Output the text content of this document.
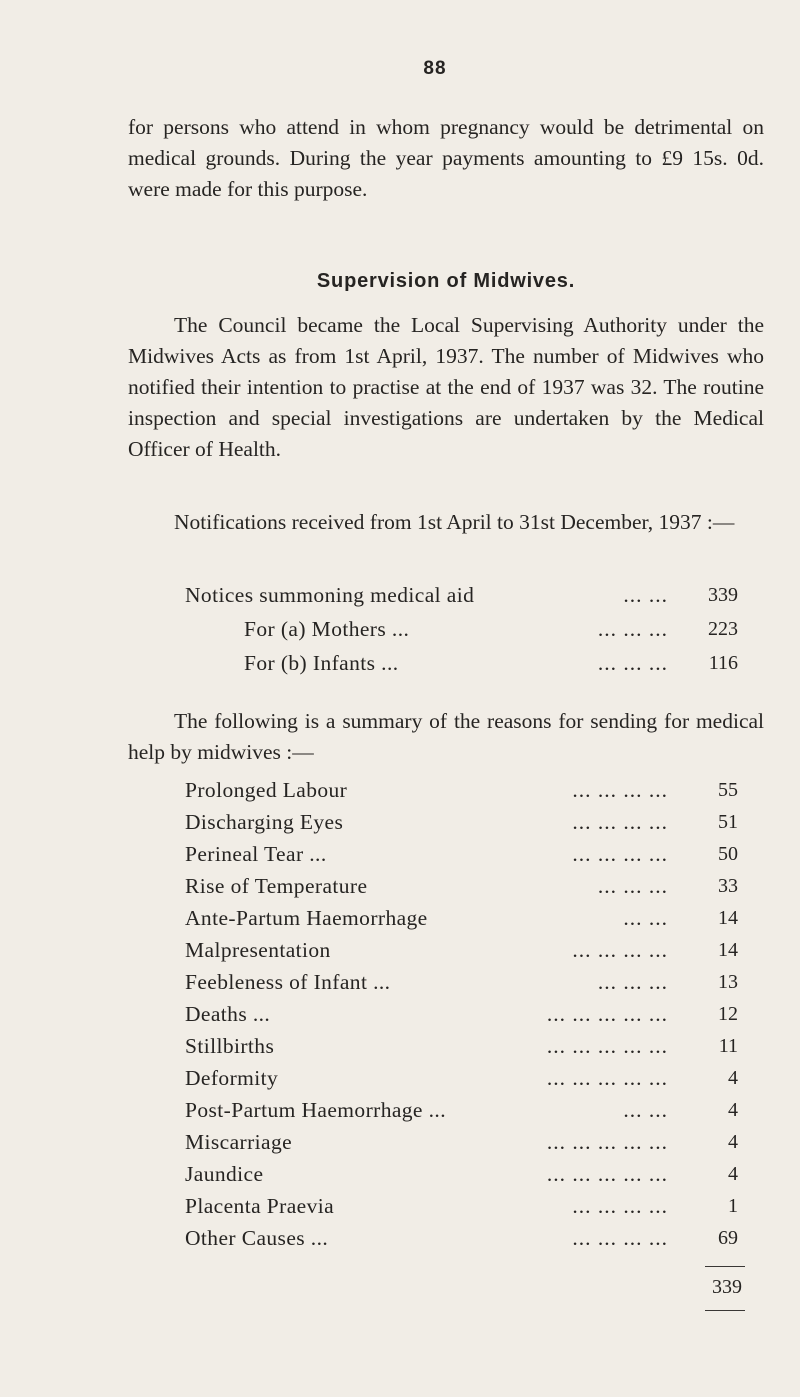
88

for persons who attend in whom pregnancy would be detrimental on medical grounds. During the year payments amounting to £9 15s. 0d. were made for this purpose.

Supervision of Midwives.

The Council became the Local Supervising Authority under the Midwives Acts as from 1st April, 1937. The number of Midwives who notified their intention to practise at the end of 1937 was 32. The routine inspection and special investigations are undertaken by the Medical Officer of Health.

Notifications received from 1st April to 31st December, 1937 :—

Notices summoning medical aid	... ... 339
For (a) Mothers ...	... ... ... 223
For (b) Infants ...	... ... ... 116

The following is a summary of the reasons for sending for medical help by midwives :—

Prolonged Labour	... ... ... ...	55
Discharging Eyes	... ... ... ...	51
Perineal Tear ...	... ... ... ...	50
Rise of Temperature	... ... ...	33
Ante-Partum Haemorrhage	... ...	14
Malpresentation	... ... ... ...	14
Feebleness of Infant ...	... ... ...	13
Deaths ...	... ... ... ... ...	12
Stillbirths	... ... ... ... ...	11
Deformity	... ... ... ... ...	4
Post-Partum Haemorrhage ...	... ...	4
Miscarriage	... ... ... ... ...	4
Jaundice	... ... ... ... ...	4
Placenta Praevia	... ... ... ...	1
Other Causes ...	... ... ... ...	69
339
